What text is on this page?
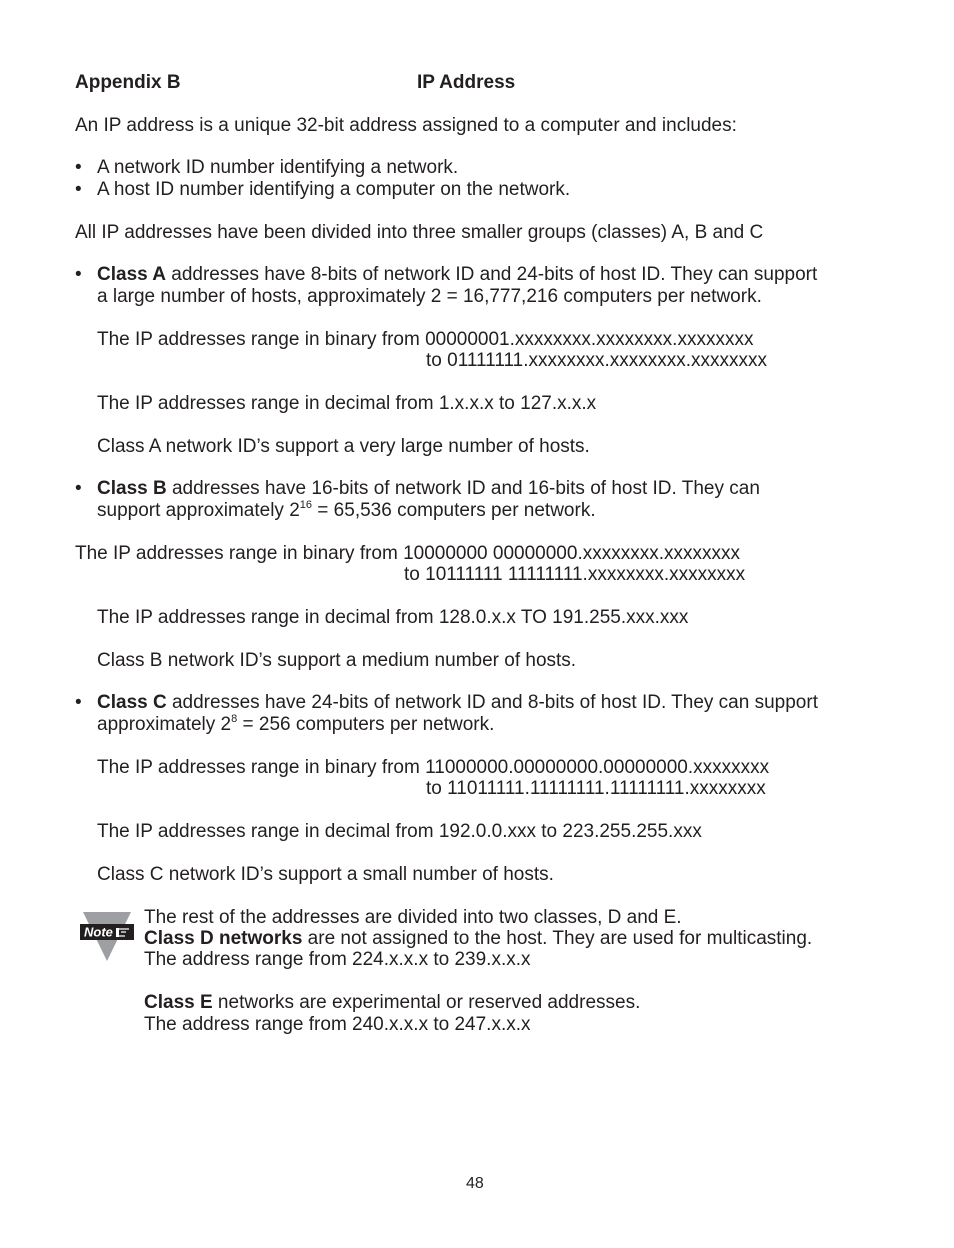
Appendix B	IP Address
An IP address is a unique 32-bit address assigned to a computer and includes:
• A network ID number identifying a network.
• A host ID number identifying a computer on the network.
All IP addresses have been divided into three smaller groups (classes) A, B and C
• Class A addresses have 8-bits of network ID and 24-bits of host ID. They can support
a large number of hosts, approximately 2 = 16,777,216 computers per network.
The IP addresses range in binary from 00000001.xxxxxxxx.xxxxxxxx.xxxxxxxx
to 01111111.xxxxxxxx.xxxxxxxx.xxxxxxxx
The IP addresses range in decimal from 1.x.x.x to 127.x.x.x
Class A network ID’s support a very large number of hosts.
• Class B addresses have 16-bits of network ID and 16-bits of host ID. They can
support approximately $2^{16} = 65,536$ computers per network.
The IP addresses range in binary from 10000000 00000000.xxxxxxxx.xxxxxxxx
to 10111111 11111111.xxxxxxxx.xxxxxxxx
The IP addresses range in decimal from 128.0.x.x TO 191.255.xxx.xxx
Class B network ID’s support a medium number of hosts.
• Class C addresses have 24-bits of network ID and 8-bits of host ID. They can support
approximately $2^8 = 256$ computers per network.
The IP addresses range in binary from 11000000.00000000.00000000.xxxxxxxx
to 11011111.11111111.11111111.xxxxxxxx
The IP addresses range in decimal from 192.0.0.xxx to 223.255.255.xxx
Class C network ID’s support a small number of hosts.
Note
The rest of the addresses are divided into two classes, D and E.
Class D networks are not assigned to the host. They are used for multicasting.
The address range from 224.x.x.x to 239.x.x.x
Class E networks are experimental or reserved addresses.
The address range from 240.x.x.x to 247.x.x.x
48
